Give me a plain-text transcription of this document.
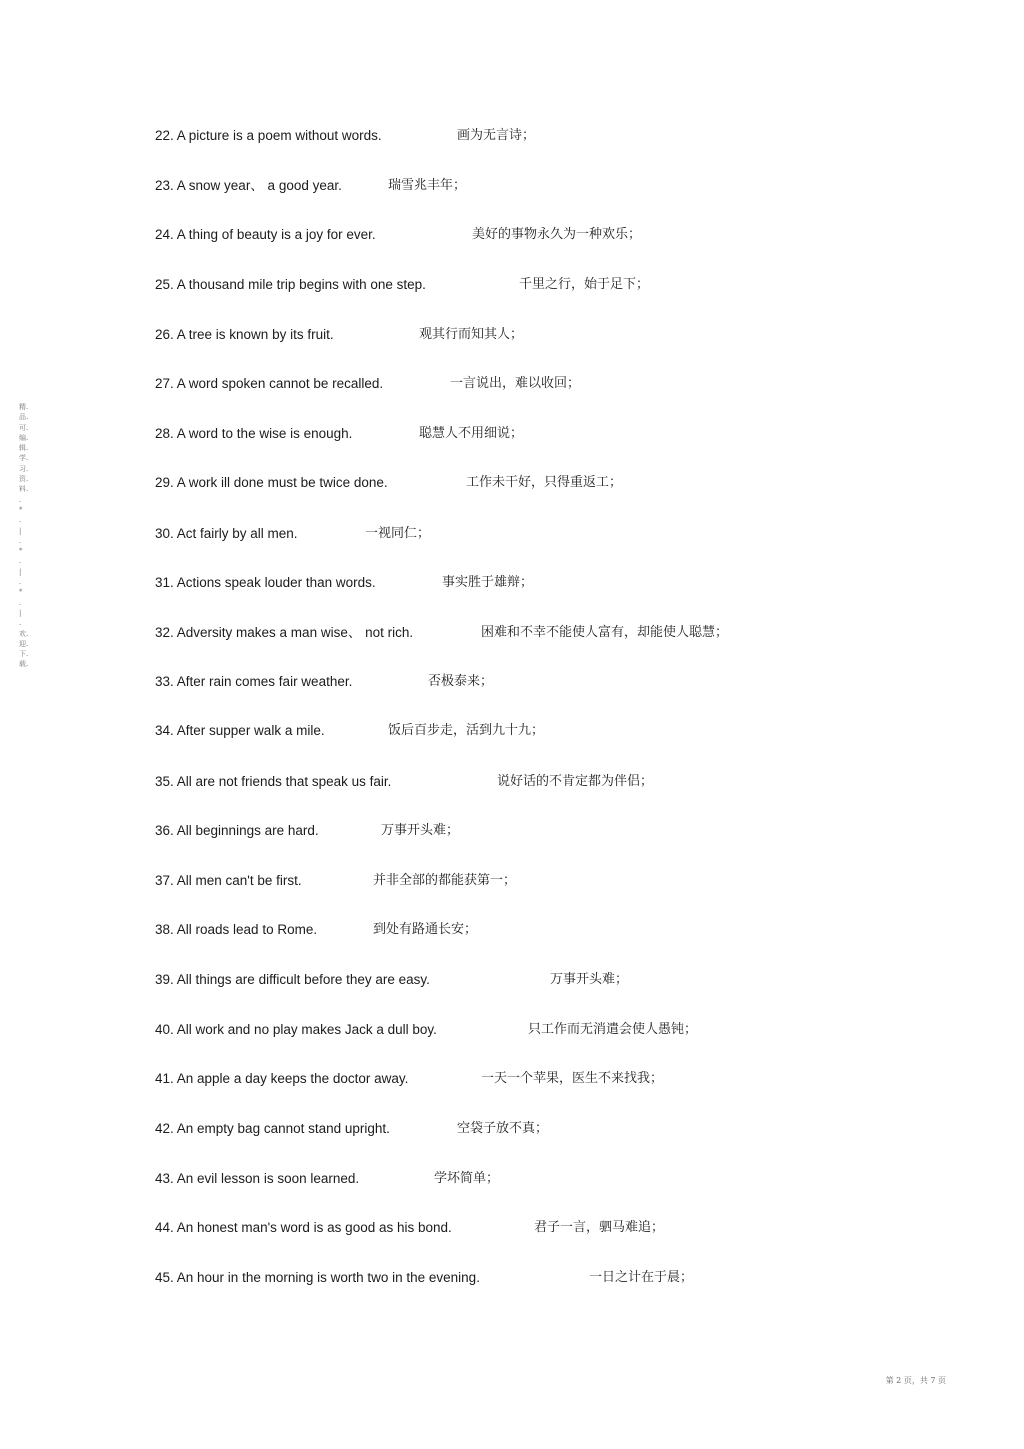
精.
品.
可.
编.
辑.
学.
习.
资.
料.
.
*
.
|
.
*
.
|
.
*
.
|
.
欢.
迎.
下.
载.
22. A picture is a poem without words.	画为无言诗；
23. A snow year、 a good year.	瑞雪兆丰年；
24. A thing of beauty is a joy for ever.	美好的事物永久为一种欢乐；
25. A thousand mile trip begins with one step.	千里之行，始于足下；
26. A tree is known by its fruit.	观其行而知其人；
27. A word spoken cannot be recalled.	一言说出，难以收回；
28. A word to the wise is enough.	聪慧人不用细说；
29. A work ill done must be twice done.	工作未干好，只得重返工；
30. Act fairly by all men.	一视同仁；
31. Actions speak louder than words.	事实胜于雄辩；
32. Adversity makes a man wise、 not rich.	困难和不幸不能使人富有，却能使人聪慧；
33. After rain comes fair weather.	否极泰来；
34. After supper walk a mile.	饭后百步走，活到九十九；
35. All are not friends that speak us fair.	说好话的不肯定都为伴侣；
36. All beginnings are hard.	万事开头难；
37. All men can't be first.	并非全部的都能获第一；
38. All roads lead to Rome.	到处有路通长安；
39. All things are difficult before they are easy.	万事开头难；
40. All work and no play makes Jack a dull boy.	只工作而无消遣会使人愚钝；
41. An apple a day keeps the doctor away.	一天一个苹果，医生不来找我；
42. An empty bag cannot stand upright.	空袋子放不真；
43. An evil lesson is soon learned.	学坏简单；
44. An honest man's word is as good as his bond.	君子一言，驷马难追；
45. An hour in the morning is worth two in the evening.	一日之计在于晨；
第 2 页，共 7 页
